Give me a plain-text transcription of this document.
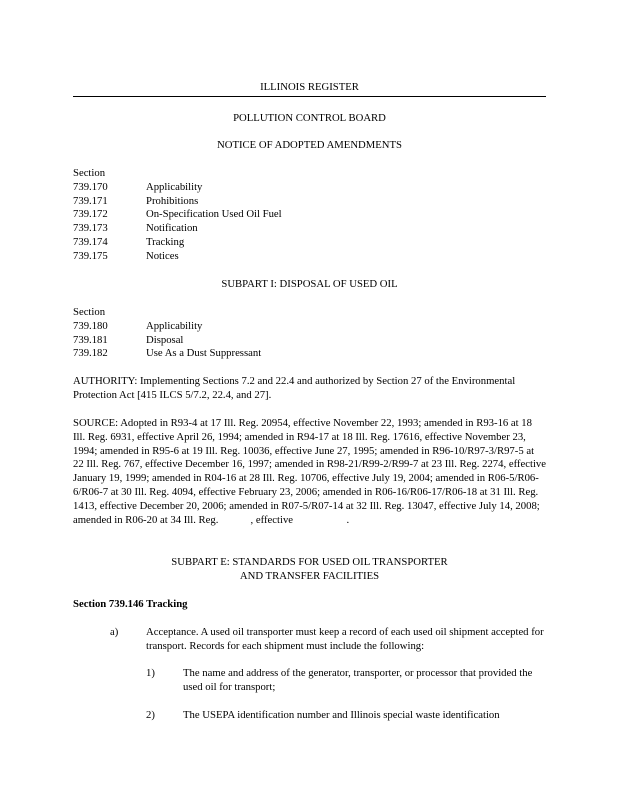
ILLINOIS REGISTER
POLLUTION CONTROL BOARD
NOTICE OF ADOPTED AMENDMENTS
Section
739.170	Applicability
739.171	Prohibitions
739.172	On-Specification Used Oil Fuel
739.173	Notification
739.174	Tracking
739.175	Notices
SUBPART I: DISPOSAL OF USED OIL
Section
739.180	Applicability
739.181	Disposal
739.182	Use As a Dust Suppressant
AUTHORITY: Implementing Sections 7.2 and 22.4 and authorized by Section 27 of the Environmental Protection Act [415 ILCS 5/7.2, 22.4, and 27].
SOURCE: Adopted in R93-4 at 17 Ill. Reg. 20954, effective November 22, 1993; amended in R93-16 at 18 Ill. Reg. 6931, effective April 26, 1994; amended in R94-17 at 18 Ill. Reg. 17616, effective November 23, 1994; amended in R95-6 at 19 Ill. Reg. 10036, effective June 27, 1995; amended in R96-10/R97-3/R97-5 at 22 Ill. Reg. 767, effective December 16, 1997; amended in R98-21/R99-2/R99-7 at 23 Ill. Reg. 2274, effective January 19, 1999; amended in R04-16 at 28 Ill. Reg. 10706, effective July 19, 2004; amended in R06-5/R06-6/R06-7 at 30 Ill. Reg. 4094, effective February 23, 2006; amended in R06-16/R06-17/R06-18 at 31 Ill. Reg. 1413, effective December 20, 2006; amended in R07-5/R07-14 at 32 Ill. Reg. 13047, effective July 14, 2008; amended in R06-20 at 34 Ill. Reg.            , effective                    .
SUBPART E: STANDARDS FOR USED OIL TRANSPORTER
AND TRANSFER FACILITIES
Section 739.146 Tracking
a)	Acceptance. A used oil transporter must keep a record of each used oil shipment accepted for transport. Records for each shipment must include the following:
1)	The name and address of the generator, transporter, or processor that provided the used oil for transport;
2)	The USEPA identification number and Illinois special waste identification
